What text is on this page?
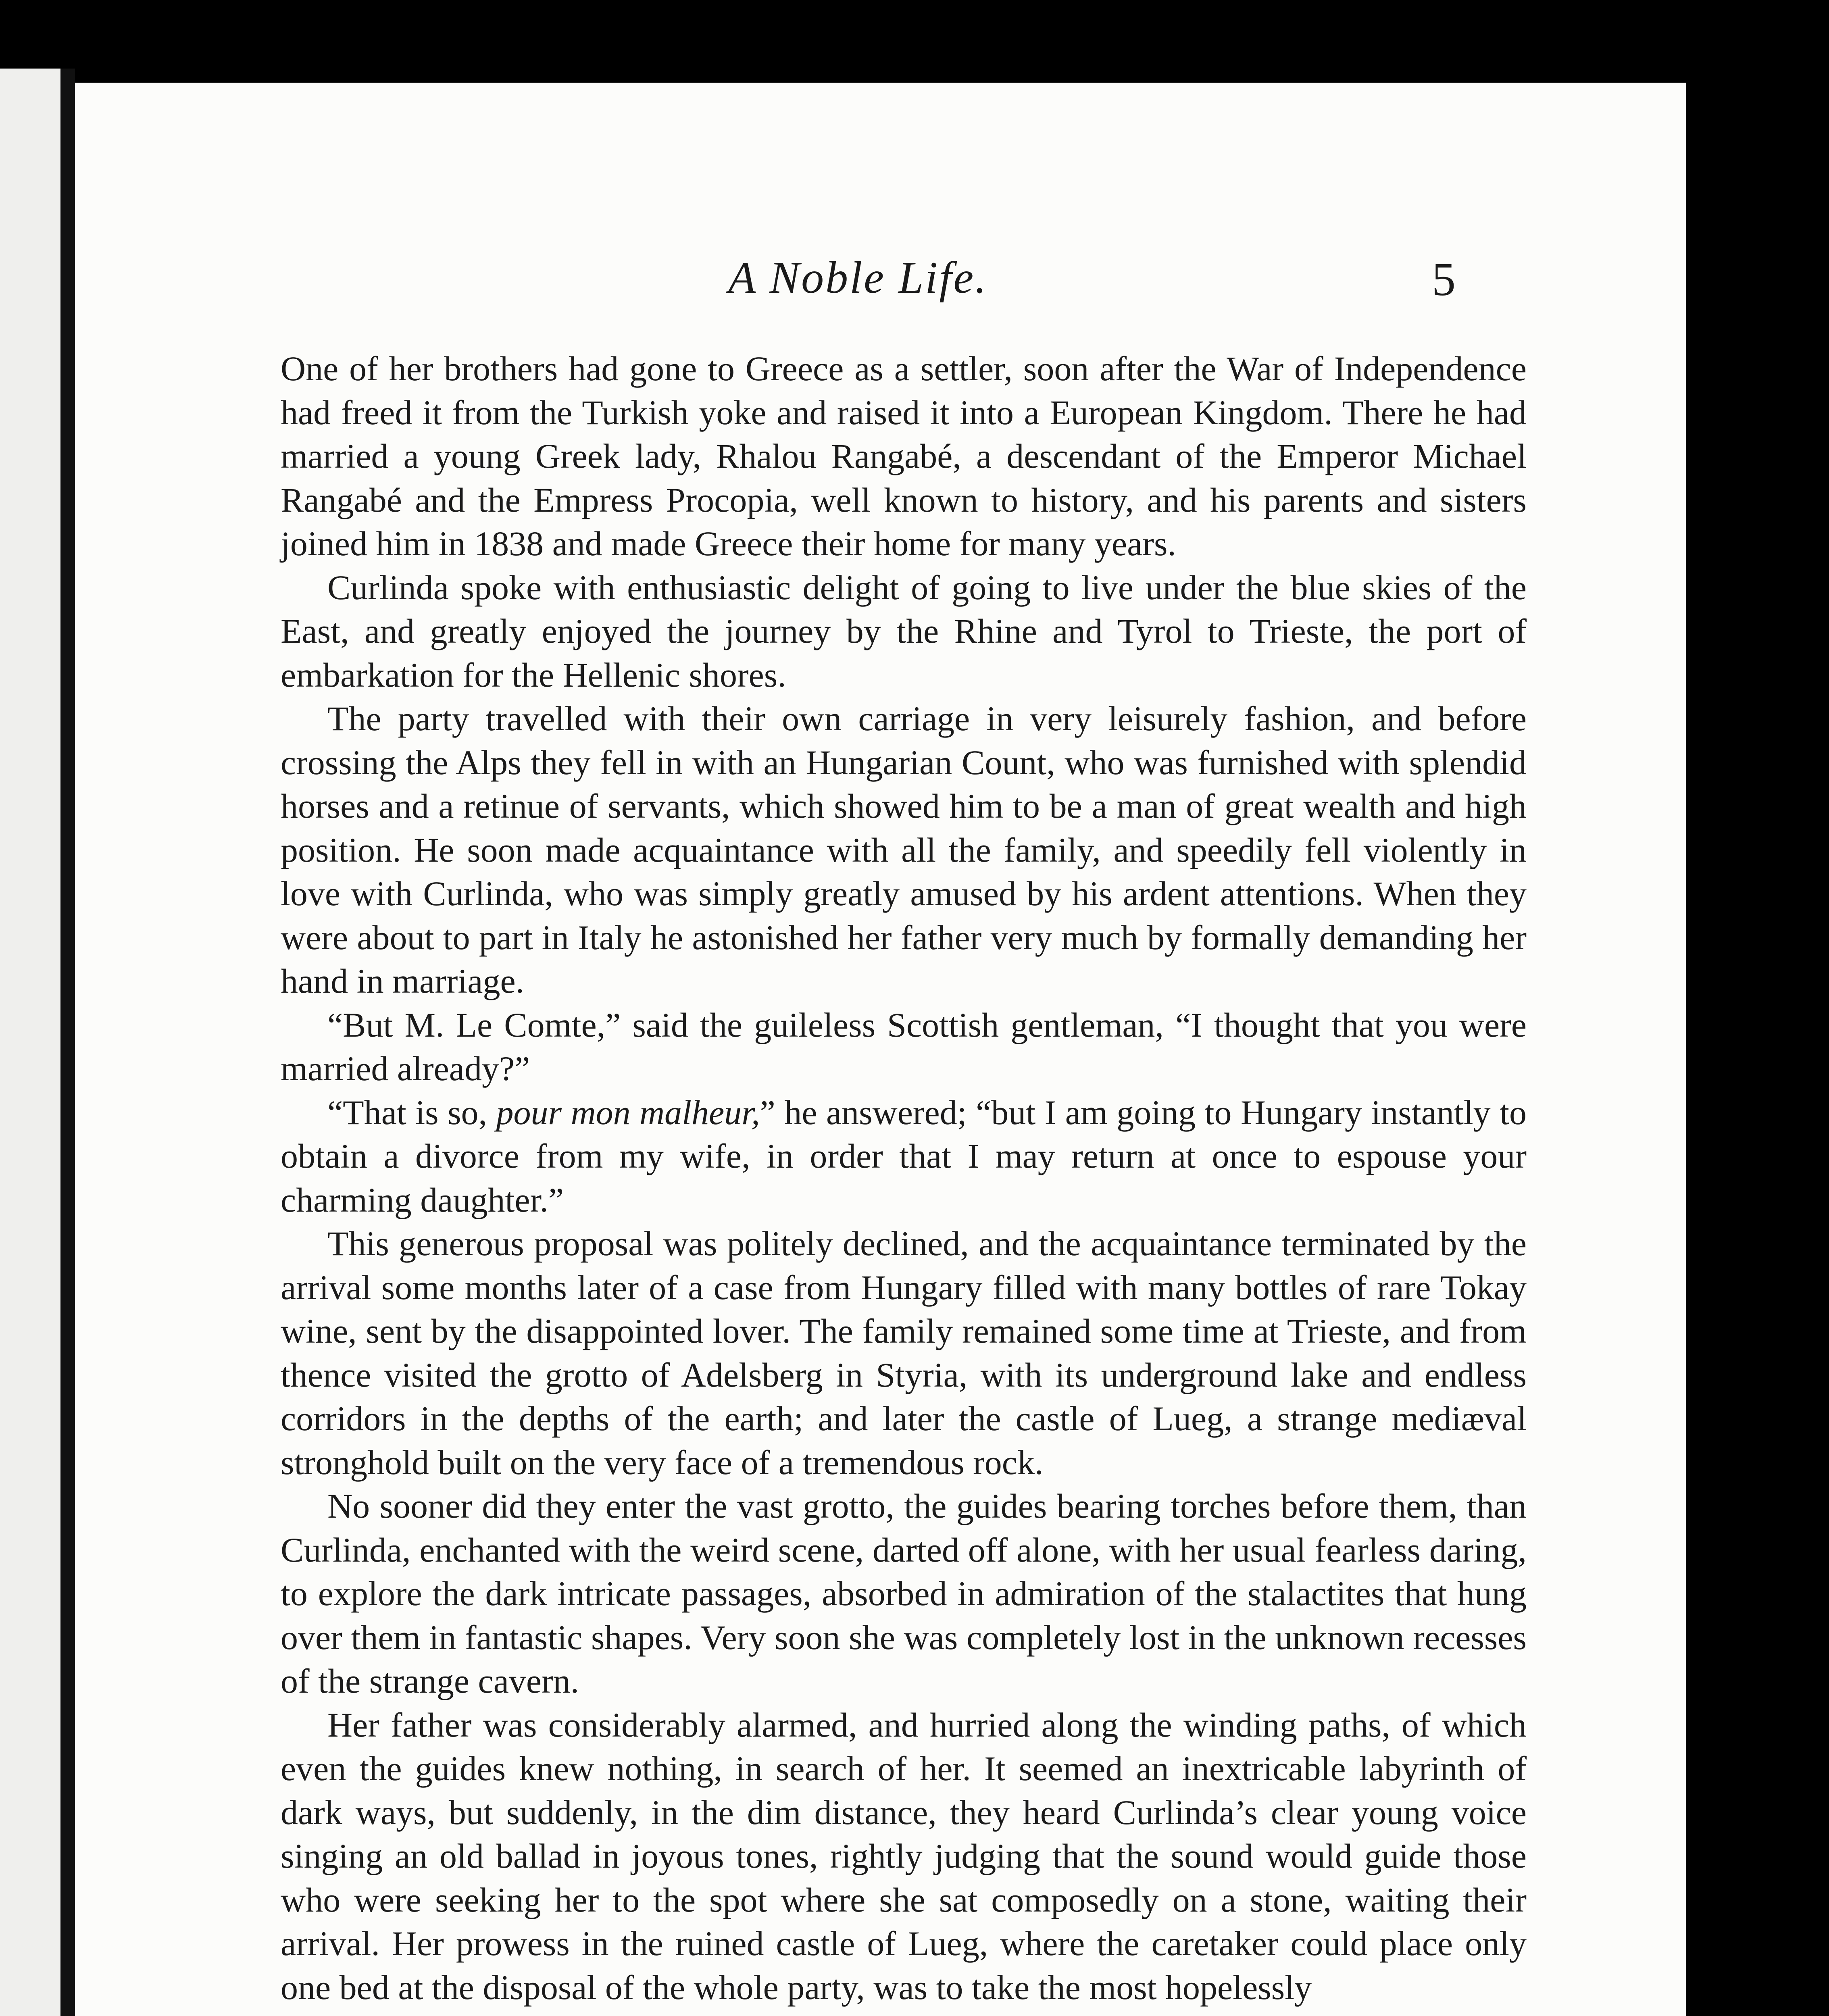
A Noble Life.	5

One of her brothers had gone to Greece as a settler, soon after the War of Independence had freed it from the Turkish yoke and raised it into a European Kingdom. There he had married a young Greek lady, Rhalou Rangabé, a descendant of the Emperor Michael Rangabé and the Empress Procopia, well known to history, and his parents and sisters joined him in 1838 and made Greece their home for many years.

Curlinda spoke with enthusiastic delight of going to live under the blue skies of the East, and greatly enjoyed the journey by the Rhine and Tyrol to Trieste, the port of embarkation for the Hellenic shores.

The party travelled with their own carriage in very leisurely fashion, and before crossing the Alps they fell in with an Hungarian Count, who was furnished with splendid horses and a retinue of servants, which showed him to be a man of great wealth and high position. He soon made acquaintance with all the family, and speedily fell violently in love with Curlinda, who was simply greatly amused by his ardent attentions. When they were about to part in Italy he astonished her father very much by formally demanding her hand in marriage.

“But M. Le Comte,” said the guileless Scottish gentleman, “I thought that you were married already?”

“That is so, pour mon malheur,” he answered; “but I am going to Hungary instantly to obtain a divorce from my wife, in order that I may return at once to espouse your charming daughter.”

This generous proposal was politely declined, and the acquaintance terminated by the arrival some months later of a case from Hungary filled with many bottles of rare Tokay wine, sent by the disappointed lover. The family remained some time at Trieste, and from thence visited the grotto of Adelsberg in Styria, with its underground lake and endless corridors in the depths of the earth; and later the castle of Lueg, a strange mediæval stronghold built on the very face of a tremendous rock.

No sooner did they enter the vast grotto, the guides bearing torches before them, than Curlinda, enchanted with the weird scene, darted off alone, with her usual fearless daring, to explore the dark intricate passages, absorbed in admiration of the stalactites that hung over them in fantastic shapes. Very soon she was completely lost in the unknown recesses of the strange cavern.

Her father was considerably alarmed, and hurried along the winding paths, of which even the guides knew nothing, in search of her. It seemed an inextricable labyrinth of dark ways, but suddenly, in the dim distance, they heard Curlinda’s clear young voice singing an old ballad in joyous tones, rightly judging that the sound would guide those who were seeking her to the spot where she sat composedly on a stone, waiting their arrival. Her prowess in the ruined castle of Lueg, where the caretaker could place only one bed at the disposal of the whole party, was to take the most hopelessly
